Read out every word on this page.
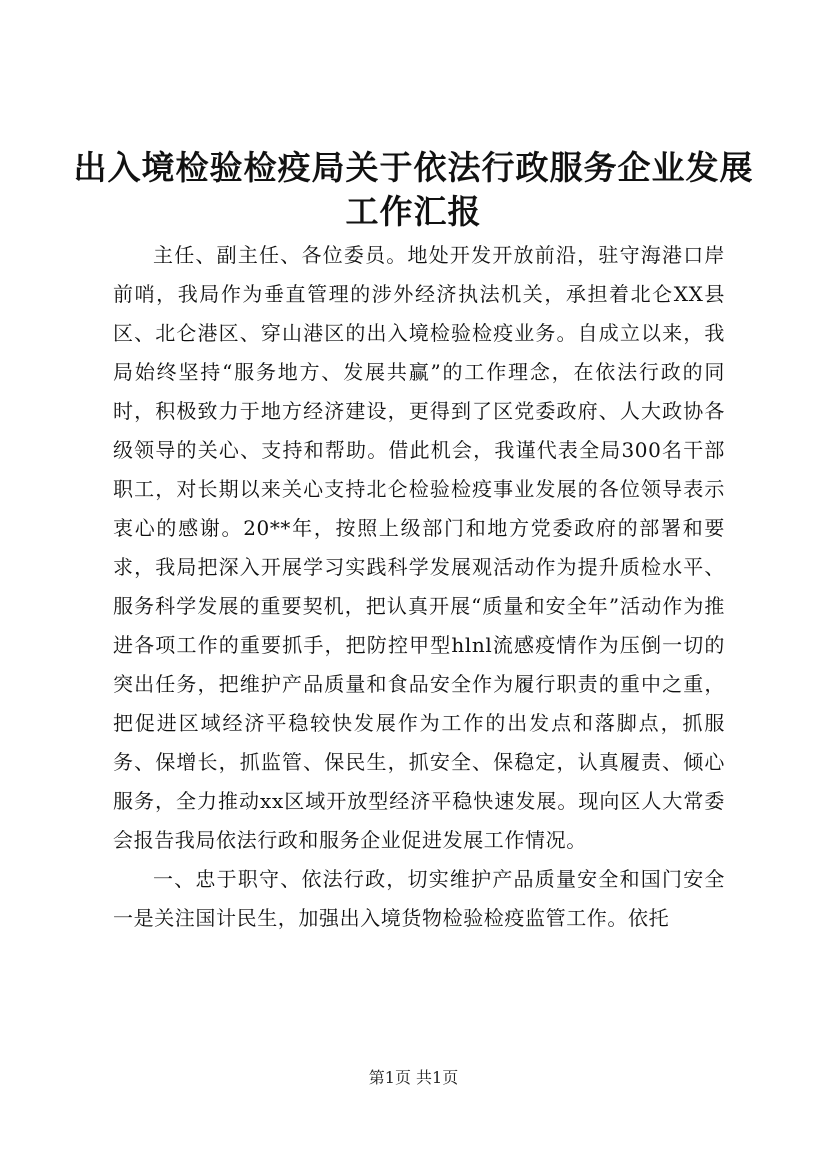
出入境检验检疫局关于依法行政服务企业发展
工作汇报

主任、副主任、各位委员。地处开发开放前沿，驻守海港口岸前哨，我局作为垂直管理的涉外经济执法机关，承担着北仑XX县区、北仑港区、穿山港区的出入境检验检疫业务。自成立以来，我局始终坚持“服务地方、发展共赢”的工作理念，在依法行政的同时，积极致力于地方经济建设，更得到了区党委政府、人大政协各级领导的关心、支持和帮助。借此机会，我谨代表全局300名干部职工，对长期以来关心支持北仑检验检疫事业发展的各位领导表示衷心的感谢。20**年，按照上级部门和地方党委政府的部署和要求，我局把深入开展学习实践科学发展观活动作为提升质检水平、服务科学发展的重要契机，把认真开展“质量和安全年”活动作为推进各项工作的重要抓手，把防控甲型hlnl流感疫情作为压倒一切的突出任务，把维护产品质量和食品安全作为履行职责的重中之重，把促进区域经济平稳较快发展作为工作的出发点和落脚点，抓服务、保增长，抓监管、保民生，抓安全、保稳定，认真履责、倾心服务，全力推动xx区域开放型经济平稳快速发展。现向区人大常委会报告我局依法行政和服务企业促进发展工作情况。

一、忠于职守、依法行政，切实维护产品质量安全和国门安全一是关注国计民生，加强出入境货物检验检疫监管工作。依托

第1页 共1页
